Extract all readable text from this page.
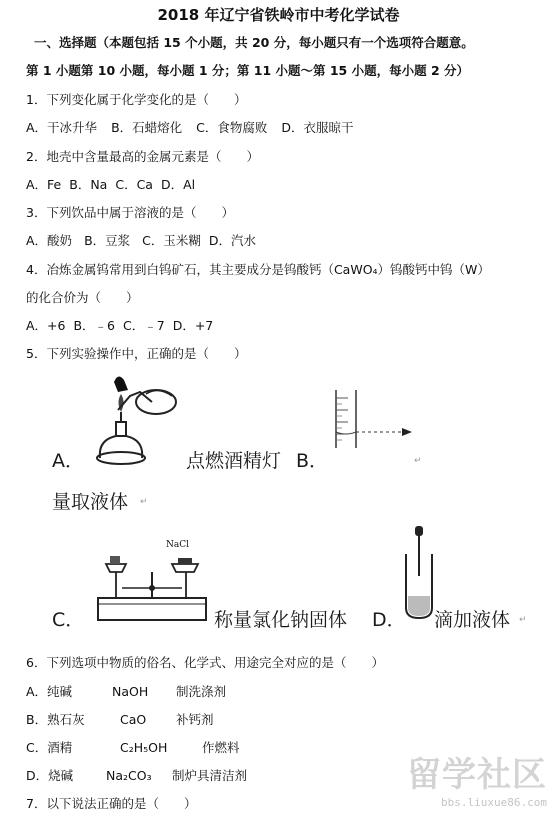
2018 年辽宁省铁岭市中考化学试卷
一、选择题（本题包括 15 个小题，共 20 分，每小题只有一个选项符合题意。
第 1 小题第 10 小题，每小题 1 分；第 11 小题～第 15 小题，每小题 2 分）
1．下列变化属于化学变化的是（　　）
A．干冰升华 B．石蜡熔化 C．食物腐败 D．衣服晾干
2．地壳中含量最高的金属元素是（　　）
A．Fe B．Na C．Ca D．Al
3．下列饮品中属于溶液的是（　　）
A．酸奶 B．豆浆 C．玉米糊 D．汽水
4．冶炼金属钨常用到白钨矿石，其主要成分是钨酸钙（CaWO₄）钨酸钙中钨（W）
的化合价为（　　）
A．+6 B．﹣6 C．﹣7 D．+7
5．下列实验操作中，正确的是（　　）
A．	点燃酒精灯 B．	↵
量取液体 ↵
NaCl
C．	称量氯化钠固体 D． 滴加液体 ↵
6．下列选项中物质的俗名、化学式、用途完全对应的是（　　）
A．纯碱	NaOH 制洗涤剂
B．熟石灰	CaO 补钙剂
C．酒精	C₂H₅OH	作燃料
D．烧碱	Na₂CO₃ 制炉具清洁剂
7．以下说法正确的是（　　）
留学社区
bbs.liuxue86.com
